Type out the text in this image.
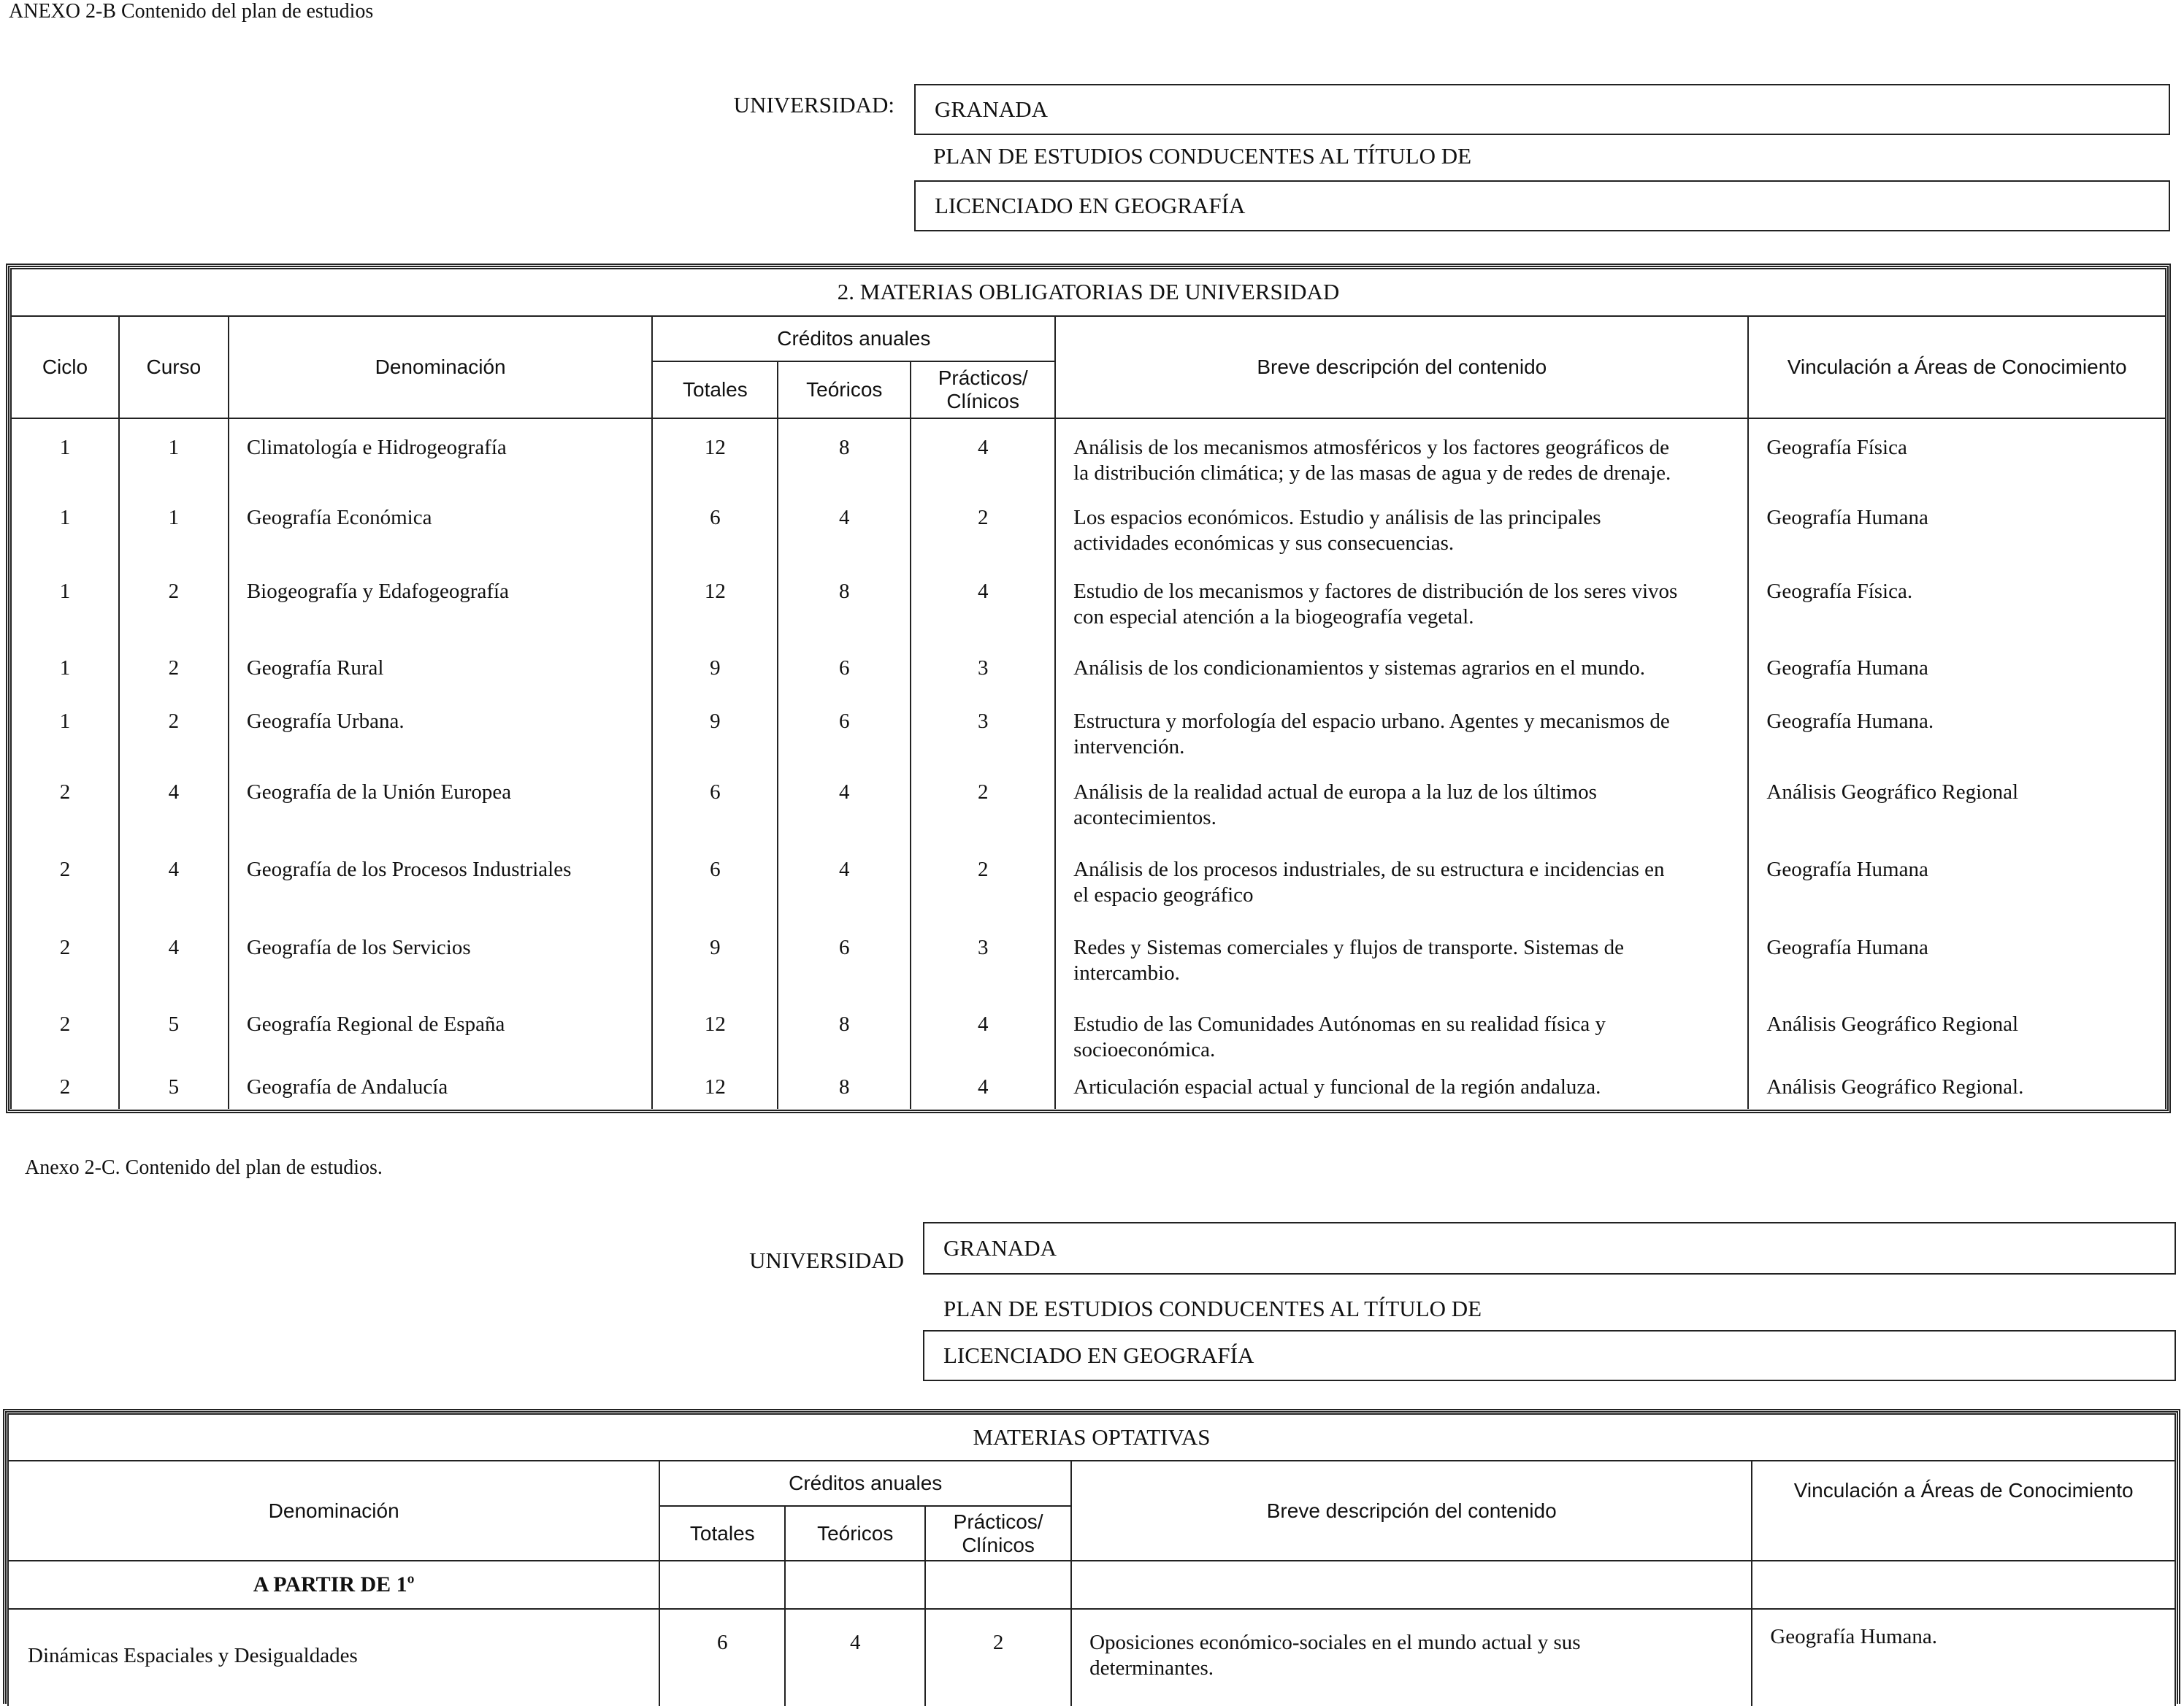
ANEXO 2-B Contenido del plan de estudios
UNIVERSIDAD: GRANADA
PLAN DE ESTUDIOS CONDUCENTES AL TÍTULO DE
LICENCIADO EN GEOGRAFÍA
2. MATERIAS OBLIGATORIAS DE UNIVERSIDAD							
Ciclo	Curso	Denominación	Créditos anuales			Breve descripción del contenido	Vinculación a Áreas de Conocimiento
			Totales	Teóricos	Prácticos/
Clínicos		

1	1	Climatología e Hidrogeografía	12	8	4	Análisis de los mecanismos atmosféricos y los factores geográficos de
la distribución climática; y de las masas de agua y de redes de drenaje.	Geografía Física
1	1	Geografía Económica	6	4	2	Los espacios económicos. Estudio y análisis de las principales
actividades económicas y sus consecuencias.	Geografía Humana
1	2	Biogeografía y Edafogeografía	12	8	4	Estudio de los mecanismos y factores de distribución de los seres vivos
con especial atención a la biogeografía vegetal.	Geografía Física.
1	2	Geografía Rural	9	6	3	Análisis de los condicionamientos y sistemas agrarios en el mundo.	Geografía Humana
1	2	Geografía Urbana.	9	6	3	Estructura y morfología del espacio urbano. Agentes y mecanismos de
intervención.	Geografía Humana.
2	4	Geografía de la Unión Europea	6	4	2	Análisis de la realidad actual de europa a la luz de los últimos
acontecimientos.	Análisis Geográfico Regional
2	4	Geografía de los Procesos Industriales	6	4	2	Análisis de los procesos industriales, de su estructura e incidencias en
el espacio geográfico	Geografía Humana
2	4	Geografía de los Servicios	9	6	3	Redes y Sistemas comerciales y flujos de transporte. Sistemas de
intercambio.	Geografía Humana
2	5	Geografía Regional de España	12	8	4	Estudio de las Comunidades Autónomas en su realidad física y
socioeconómica.	Análisis Geográfico Regional
2	5	Geografía de Andalucía	12	8	4	Articulación espacial actual y funcional de la región andaluza.	Análisis Geográfico Regional.
Anexo 2-C. Contenido del plan de estudios.
UNIVERSIDAD GRANADA
PLAN DE ESTUDIOS CONDUCENTES AL TÍTULO DE
LICENCIADO EN GEOGRAFÍA
MATERIAS OPTATIVAS					
Denominación	Créditos anuales			Breve descripción del contenido	Vinculación a Áreas de Conocimiento
	Totales	Teóricos	Prácticos/
Clínicos		

A PARTIR DE 1º					
Dinámicas Espaciales y Desigualdades	6	4	2	Oposiciones económico-sociales en el mundo actual y sus
determinantes.	Geografía Humana.
